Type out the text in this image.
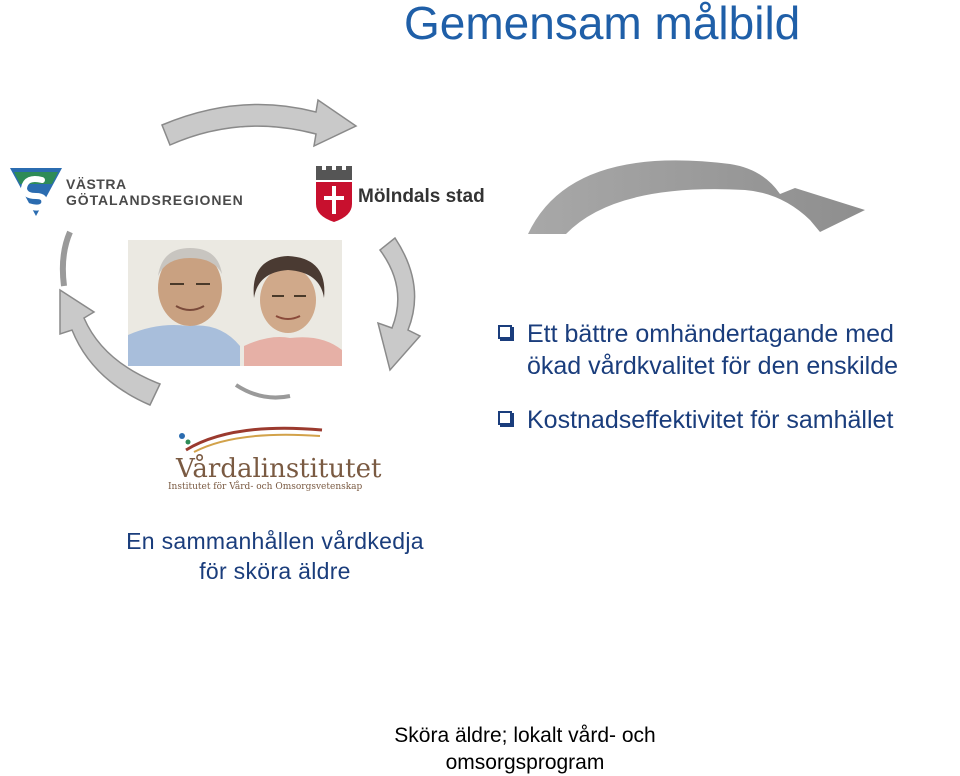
Gemensam målbild
VÄSTRA
GÖTALANDSREGIONEN	Mölndals stad
Vårdalinstitutet
Institutet för Vård- och Omsorgsvetenskap
Ett bättre omhändertagande med
ökad vårdkvalitet för den enskilde
Kostnadseffektivitet för samhället
En sammanhållen vårdkedja
för sköra äldre
Sköra äldre; lokalt vård- och
omsorgsprogram
